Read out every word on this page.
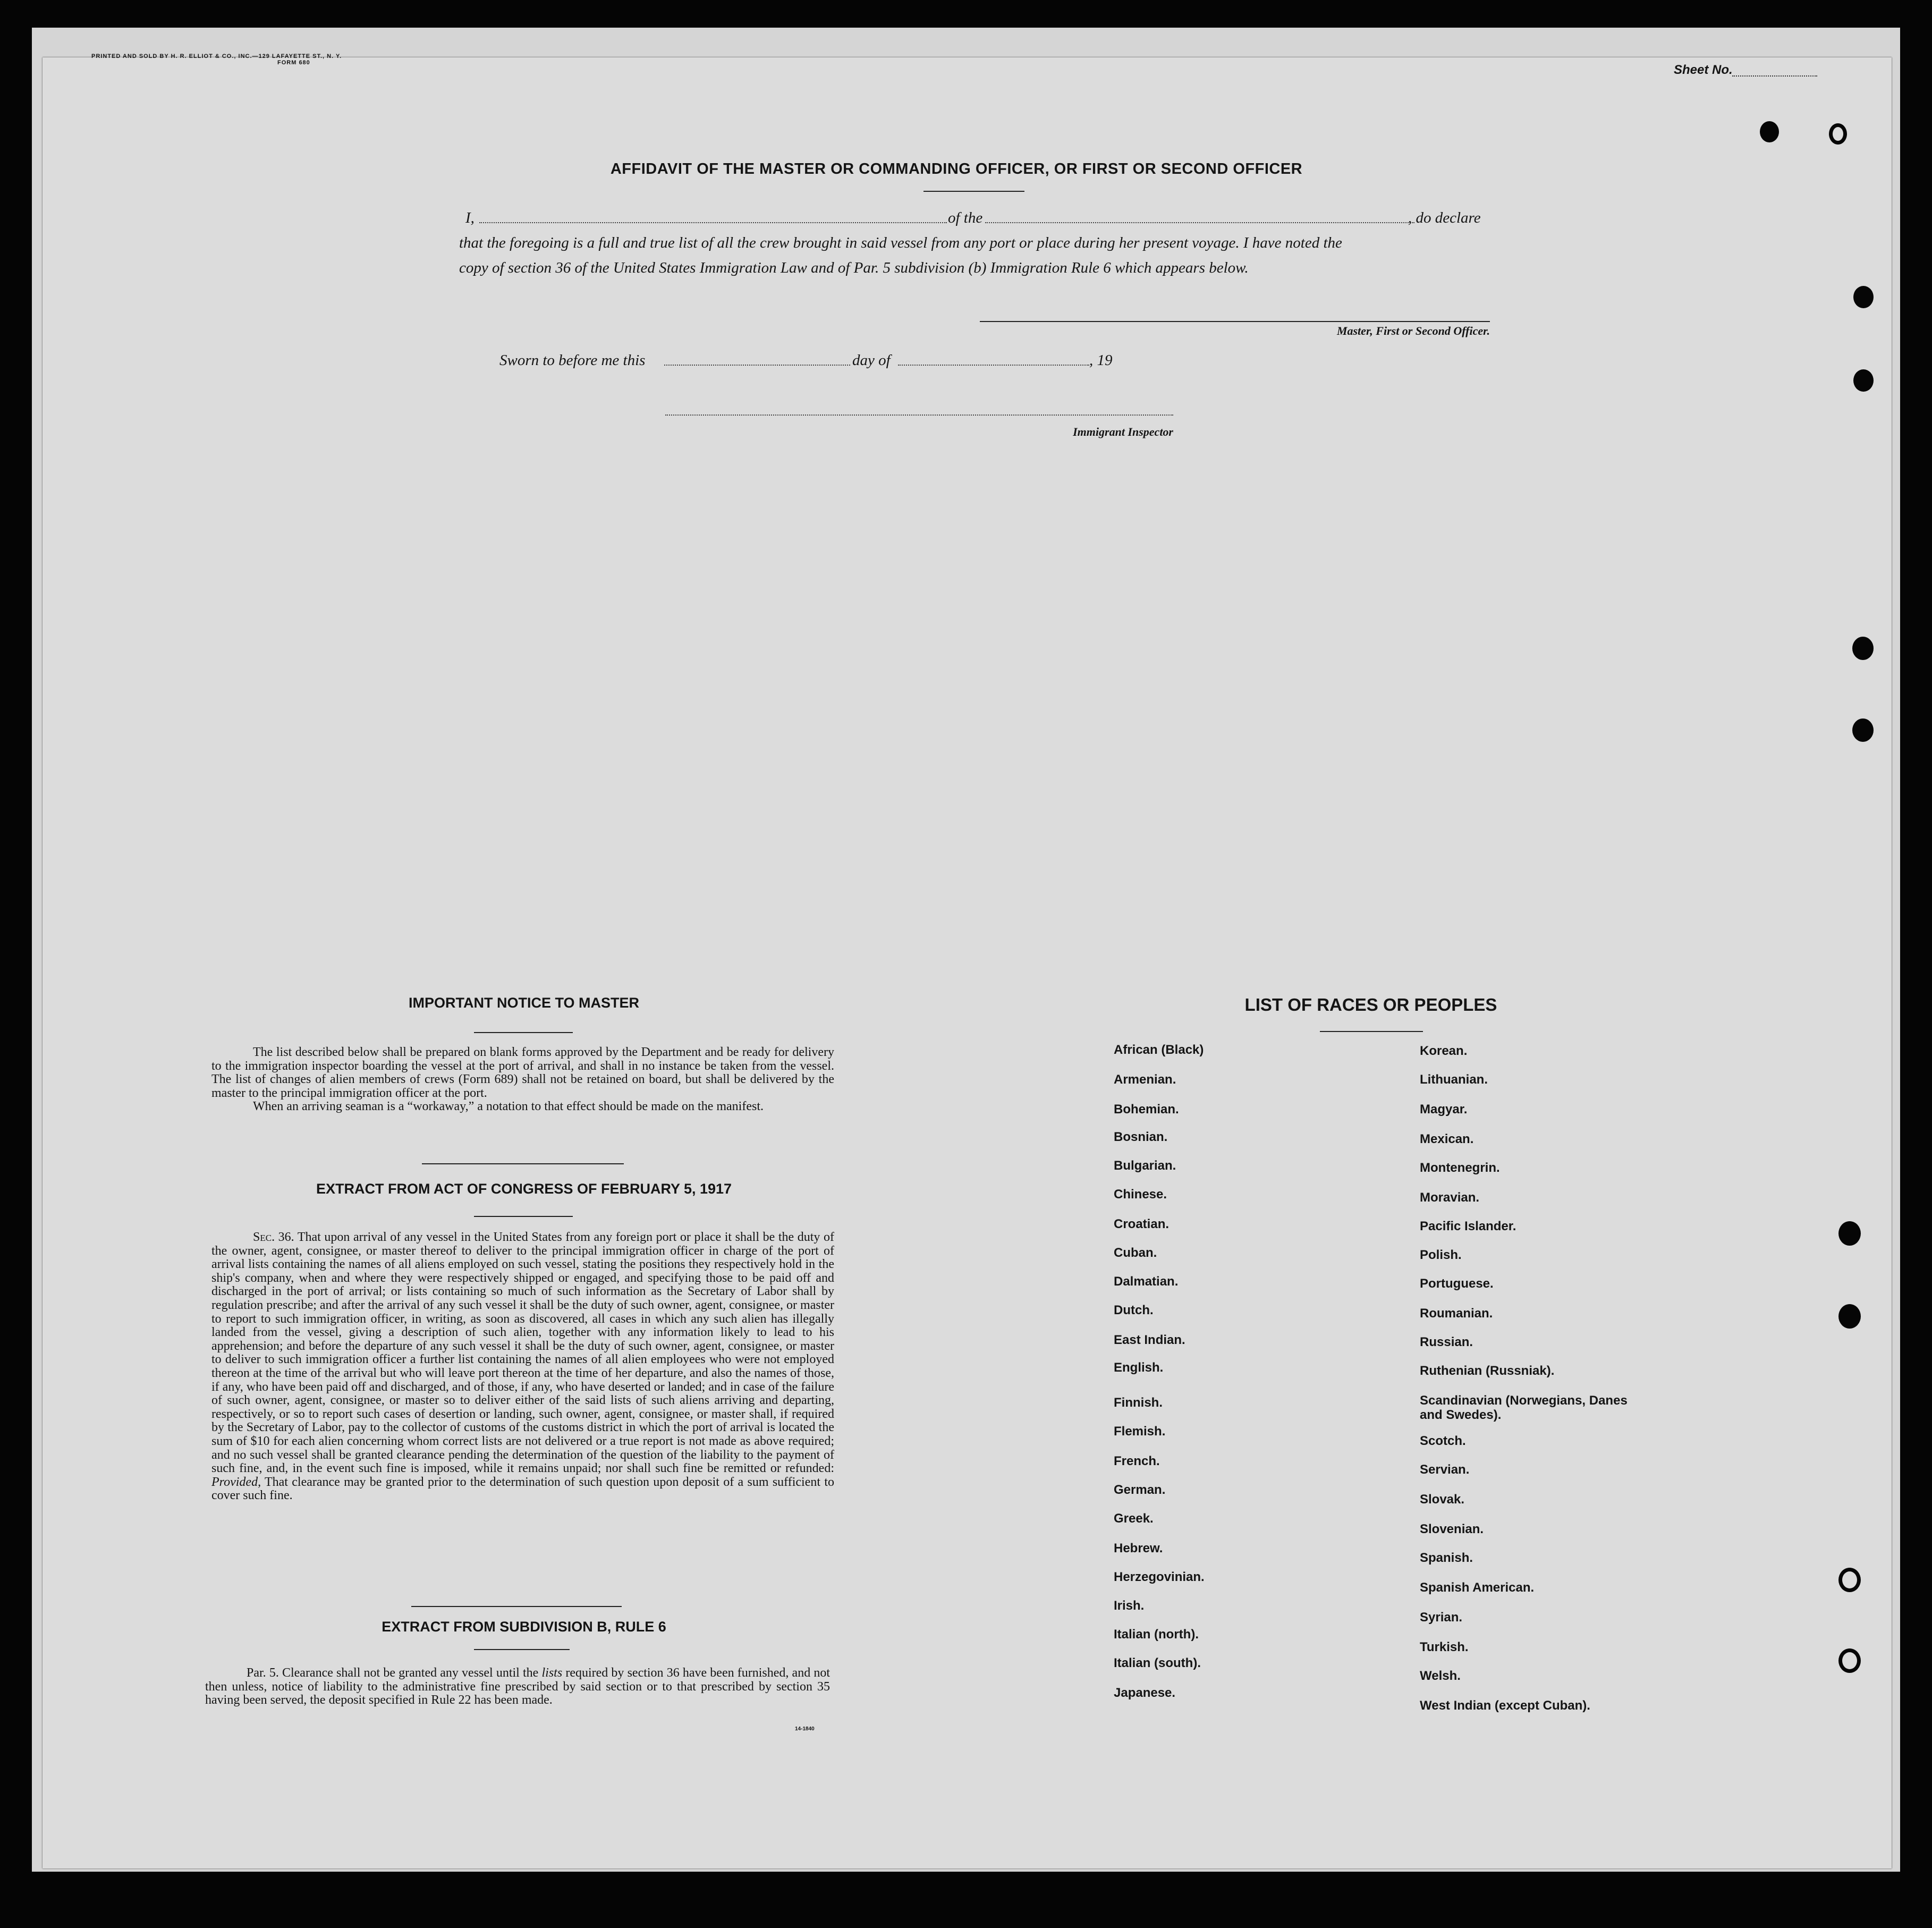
PRINTED AND SOLD BY H. R. ELLIOT & CO., INC.—129 LAFAYETTE ST., N. Y.
FORM 680	Sheet No.
AFFIDAVIT OF THE MASTER OR COMMANDING OFFICER, OR FIRST OR SECOND OFFICER
I,	of the	, do declare
that the foregoing is a full and true list of all the crew brought in said vessel from any port or place during her present voyage. I have noted the
copy of section 36 of the United States Immigration Law and of Par. 5 subdivision (b) Immigration Rule 6 which appears below.
Master, First or Second Officer.
Sworn to before me this	day of	, 19
Immigrant Inspector
IMPORTANT NOTICE TO MASTER

The list described below shall be prepared on blank forms approved by the Department and be ready for delivery to the immigration inspector boarding the vessel at the port of arrival, and shall in no instance be taken from the vessel. The list of changes of alien members of crews (Form 689) shall not be retained on board, but shall be delivered by the master to the principal immigration officer at the port.

When an arriving seaman is a “workaway,” a notation to that effect should be made on the manifest.

EXTRACT FROM ACT OF CONGRESS OF FEBRUARY 5, 1917

Sec. 36. That upon arrival of any vessel in the United States from any foreign port or place it shall be the duty of the owner, agent, consignee, or master thereof to deliver to the principal immigration officer in charge of the port of arrival lists containing the names of all aliens employed on such vessel, stating the positions they respectively hold in the ship's company, when and where they were respectively shipped or engaged, and specifying those to be paid off and discharged in the port of arrival; or lists containing so much of such information as the Secretary of Labor shall by regulation prescribe; and after the arrival of any such vessel it shall be the duty of such owner, agent, consignee, or master to report to such immigration officer, in writing, as soon as discovered, all cases in which any such alien has illegally landed from the vessel, giving a description of such alien, together with any information likely to lead to his apprehension; and before the departure of any such vessel it shall be the duty of such owner, agent, consignee, or master to deliver to such immigration officer a further list containing the names of all alien employees who were not employed thereon at the time of the arrival but who will leave port thereon at the time of her departure, and also the names of those, if any, who have been paid off and discharged, and of those, if any, who have deserted or landed; and in case of the failure of such owner, agent, consignee, or master so to deliver either of the said lists of such aliens arriving and departing, respectively, or so to report such cases of desertion or landing, such owner, agent, consignee, or master shall, if required by the Secretary of Labor, pay to the collector of customs of the customs district in which the port of arrival is located the sum of $10 for each alien concerning whom correct lists are not delivered or a true report is not made as above required; and no such vessel shall be granted clearance pending the determination of the question of the liability to the payment of such fine, and, in the event such fine is imposed, while it remains unpaid; nor shall such fine be remitted or refunded: Provided, That clearance may be granted prior to the determination of such question upon deposit of a sum sufficient to cover such fine.

EXTRACT FROM SUBDIVISION B, RULE 6

Par. 5. Clearance shall not be granted any vessel until the lists required by section 36 have been furnished, and not then unless, notice of liability to the administrative fine prescribed by said section or to that prescribed by section 35 having been served, the deposit specified in Rule 22 has been made.

14-1840
LIST OF RACES OR PEOPLES
African (Black)
Armenian.
Bohemian.
Bosnian.
Bulgarian.
Chinese.
Croatian.
Cuban.
Dalmatian.
Dutch.
East Indian.
English.
Finnish.
Flemish.
French.
German.
Greek.
Hebrew.
Herzegovinian.
Irish.
Italian (north).
Italian (south).
Japanese.
Korean.
Lithuanian.
Magyar.
Mexican.
Montenegrin.
Moravian.
Pacific Islander.
Polish.
Portuguese.
Roumanian.
Russian.
Ruthenian (Russniak).
Scandinavian (Norwegians, Danes and Swedes).
Scotch.
Servian.
Slovak.
Slovenian.
Spanish.
Spanish American.
Syrian.
Turkish.
Welsh.
West Indian (except Cuban).
